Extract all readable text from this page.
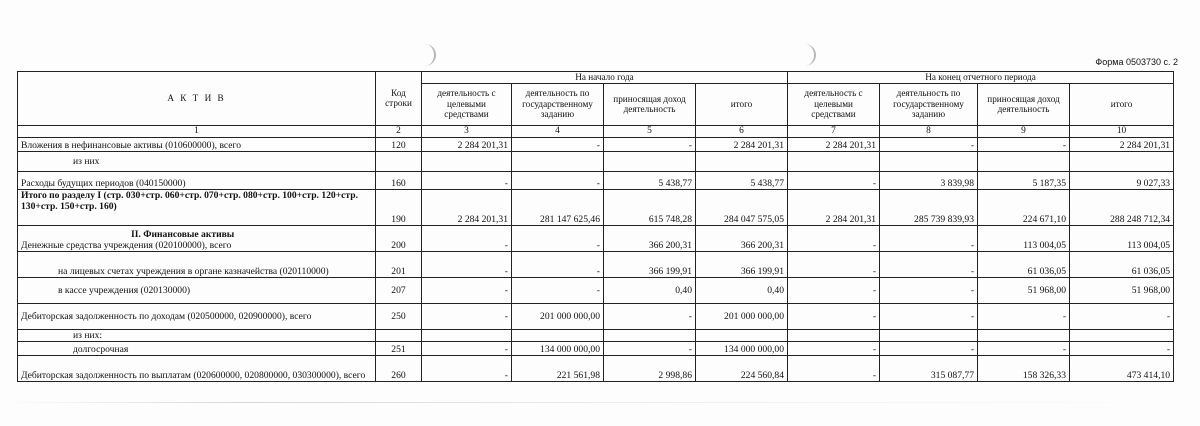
Форма 0503730 с. 2
А К Т И В	Код строки	На начало года				На конец отчетного периода			
		деятельность с целевыми средствами	деятельность по государственному заданию	приносящая доход деятельность	итого	деятельность с целевыми средствами	деятельность по государственному заданию	приносящая доход деятельность	итого
1	2	3	4	5	6	7	8	9	10
Вложения в нефинансовые активы (010600000), всего	120	2 284 201,31	-	-	2 284 201,31	2 284 201,31	-	-	2 284 201,31
из них									
Расходы будущих периодов (040150000)	160	-	-	5 438,77	5 438,77	-	3 839,98	5 187,35	9 027,33
Итого по разделу I (стр. 030+стр. 060+стр. 070+стр. 080+стр. 100+стр. 120+стр. 130+стр. 150+стр. 160)	190	2 284 201,31	281 147 625,46	615 748,28	284 047 575,05	2 284 201,31	285 739 839,93	224 671,10	288 248 712,34

II. Финансовые активы
Денежные средства учреждения (020100000), всего	200	-	-	366 200,31	366 200,31	-	-	113 004,05	113 004,05
на лицевых счетах учреждения в органе казначейства (020110000)	201	-	-	366 199,91	366 199,91	-	-	61 036,05	61 036,05
в кассе учреждения (020130000)	207	-	-	0,40	0,40	-	-	51 968,00	51 968,00
Дебиторская задолженность по доходам (020500000, 020900000), всего	250	-	201 000 000,00	-	201 000 000,00	-	-	-	-
из них:									
долгосрочная	251	-	134 000 000,00	-	134 000 000,00	-	-	-	-
Дебиторская задолженность по выплатам (020600000, 020800000, 030300000), всего	260	-	221 561,98	2 998,86	224 560,84	-	315 087,77	158 326,33	473 414,10
